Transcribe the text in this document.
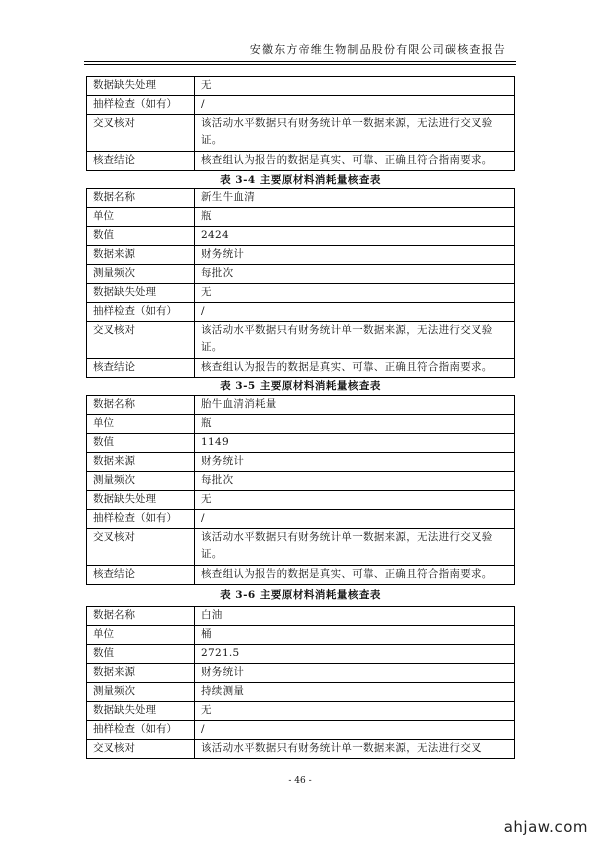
安徽东方帝维生物制品股份有限公司碳核查报告
数据缺失处理	无
抽样检查（如有）	/
交叉核对	该活动水平数据只有财务统计单一数据来源，无法进行交叉验证。
核查结论	核查组认为报告的数据是真实、可靠、正确且符合指南要求。
表 3-4 主要原材料消耗量核查表
数据名称	新生牛血清
单位	瓶
数值	2424
数据来源	财务统计
测量频次	每批次
数据缺失处理	无
抽样检查（如有）	/
交叉核对	该活动水平数据只有财务统计单一数据来源，无法进行交叉验证。
核查结论	核查组认为报告的数据是真实、可靠、正确且符合指南要求。
表 3-5 主要原材料消耗量核查表
数据名称	胎牛血清消耗量
单位	瓶
数值	1149
数据来源	财务统计
测量频次	每批次
数据缺失处理	无
抽样检查（如有）	/
交叉核对	该活动水平数据只有财务统计单一数据来源，无法进行交叉验证。
核查结论	核查组认为报告的数据是真实、可靠、正确且符合指南要求。
表 3-6 主要原材料消耗量核查表
数据名称	白油
单位	桶
数值	2721.5
数据来源	财务统计
测量频次	持续测量
数据缺失处理	无
抽样检查（如有）	/
交叉核对	该活动水平数据只有财务统计单一数据来源，无法进行交叉
- 46 -
ahjaw.com
